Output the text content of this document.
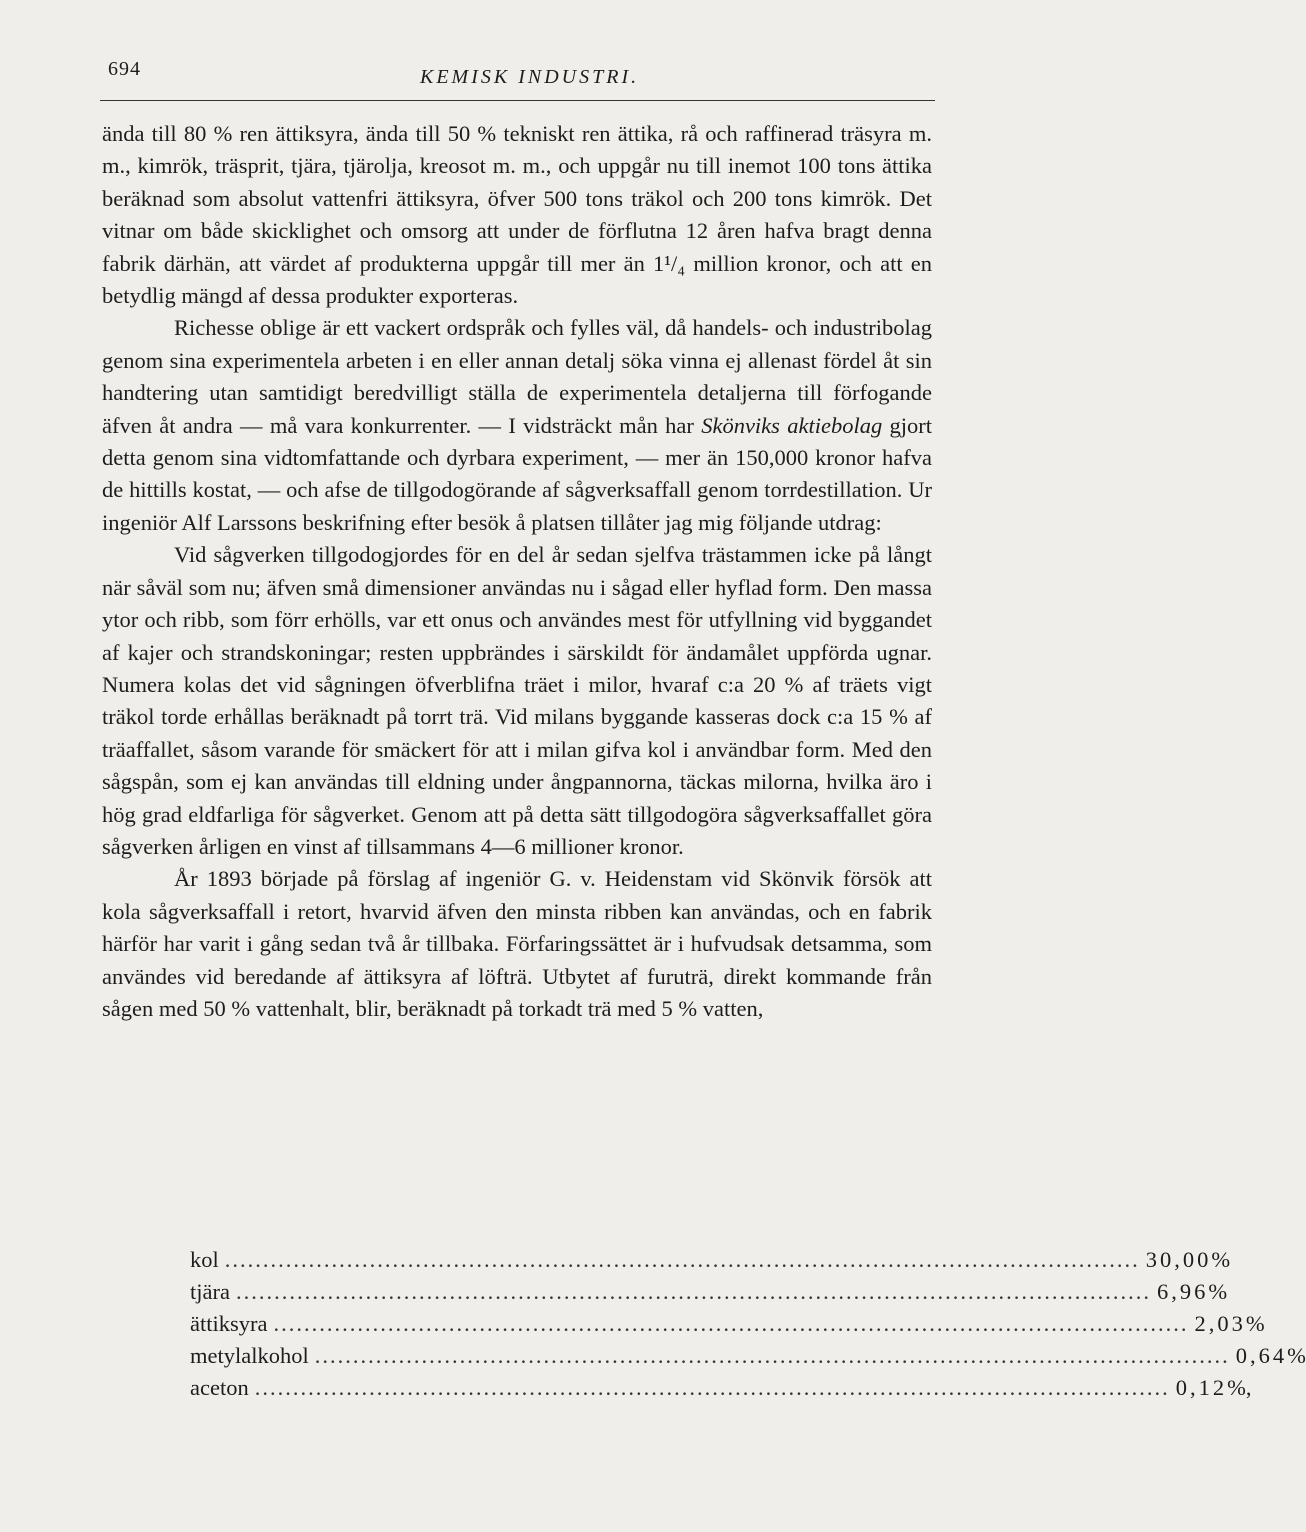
694	KEMISK INDUSTRI.

ända till 80 % ren ättiksyra, ända till 50 % tekniskt ren ättika, rå och raffinerad träsyra m. m., kimrök, träsprit, tjära, tjärolja, kreosot m. m., och uppgår nu till inemot 100 tons ättika beräknad som absolut vattenfri ättiksyra, öfver 500 tons träkol och 200 tons kimrök. Det vitnar om både skicklighet och omsorg att under de förflutna 12 åren hafva bragt denna fabrik därhän, att värdet af produkterna uppgår till mer än 1¹/₄ million kronor, och att en betydlig mängd af dessa produkter exporteras.

Richesse oblige är ett vackert ordspråk och fylles väl, då handels- och industribolag genom sina experimentela arbeten i en eller annan detalj söka vinna ej allenast fördel åt sin handtering utan samtidigt beredvilligt ställa de experimentela detaljerna till förfogande äfven åt andra — må vara konkurrenter. — I vidsträckt mån har Skönviks aktiebolag gjort detta genom sina vidtomfattande och dyrbara experiment, — mer än 150,000 kronor hafva de hittills kostat, — och afse de tillgodogörande af sågverksaffall genom torrdestillation. Ur ingeniör Alf Larssons beskrifning efter besök å platsen tillåter jag mig följande utdrag:

Vid sågverken tillgodogjordes för en del år sedan sjelfva trästammen icke på långt när såväl som nu; äfven små dimensioner användas nu i sågad eller hyflad form. Den massa ytor och ribb, som förr erhölls, var ett onus och användes mest för utfyllning vid byggandet af kajer och strandskoningar; resten uppbrändes i särskildt för ändamålet uppförda ugnar. Numera kolas det vid sågningen öfverblifna träet i milor, hvaraf c:a 20 % af träets vigt träkol torde erhållas beräknadt på torrt trä. Vid milans byggande kasseras dock c:a 15 % af träaffallet, såsom varande för smäckert för att i milan gifva kol i användbar form. Med den sågspån, som ej kan användas till eldning under ångpannorna, täckas milorna, hvilka äro i hög grad eldfarliga för sågverket. Genom att på detta sätt tillgodogöra sågverksaffallet göra sågverken årligen en vinst af tillsammans 4—6 millioner kronor.

År 1893 började på förslag af ingeniör G. v. Heidenstam vid Skönvik försök att kola sågverksaffall i retort, hvarvid äfven den minsta ribben kan användas, och en fabrik härför har varit i gång sedan två år tillbaka. Förfaringssättet är i hufvudsak detsamma, som användes vid beredande af ättiksyra af löfträ. Utbytet af furuträ, direkt kommande från sågen med 50 % vattenhalt, blir, beräknadt på torkadt trä med 5 % vatten,

kol ........................................................................................................................ 30,00 %
tjära ........................................................................................................................ 6,96 %
ättiksyra ........................................................................................................................ 2,03 %
metylalkohol ........................................................................................................................ 0,64 %
aceton ........................................................................................................................ 0,12 %,
